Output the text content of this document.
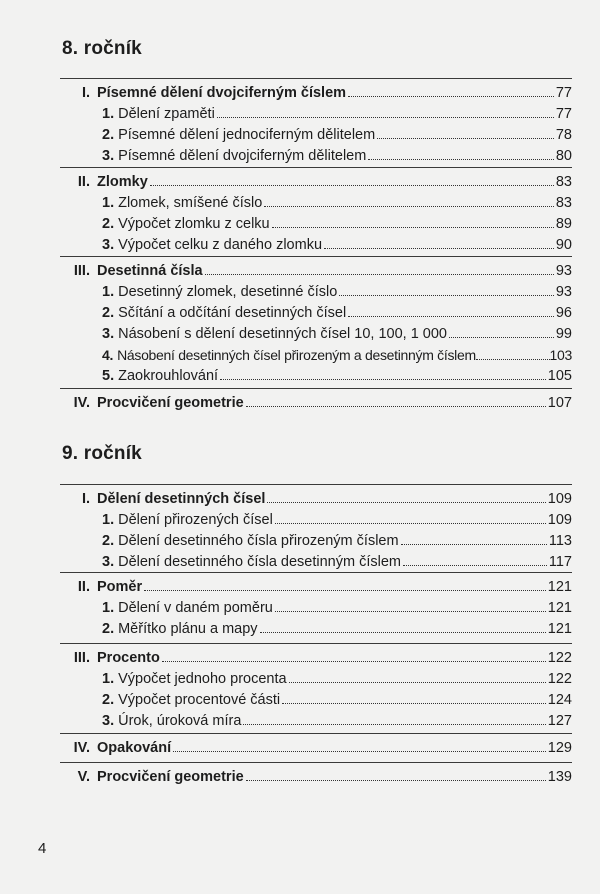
8. ročník
I. Písemné dělení dvojciferným číslem	77
1. Dělení zpaměti	77
2. Písemné dělení jednociferným dělitelem	78
3. Písemné dělení dvojciferným dělitelem	80
II. Zlomky	83
1. Zlomek, smíšené číslo	83
2. Výpočet zlomku z celku	89
3. Výpočet celku z daného zlomku	90
III. Desetinná čísla	93
1. Desetinný zlomek, desetinné číslo	93
2. Sčítání a odčítání desetinných čísel	96
3. Násobení s dělení desetinných čísel 10, 100, 1 000	99
4. Násobení desetinných čísel přirozeným a desetinným číslem	103
5. Zaokrouhlování	105
IV. Procvičení geometrie	107
9. ročník
I. Dělení desetinných čísel	109
1. Dělení přirozených čísel	109
2. Dělení desetinného čísla přirozeným číslem	113
3. Dělení desetinného čísla desetinným číslem	117
II. Poměr	121
1. Dělení v daném poměru	121
2. Měřítko plánu a mapy	121
III. Procento	122
1. Výpočet jednoho procenta	122
2. Výpočet procentové části	124
3. Úrok, úroková míra	127
IV. Opakování	129
V. Procvičení geometrie	139
4
